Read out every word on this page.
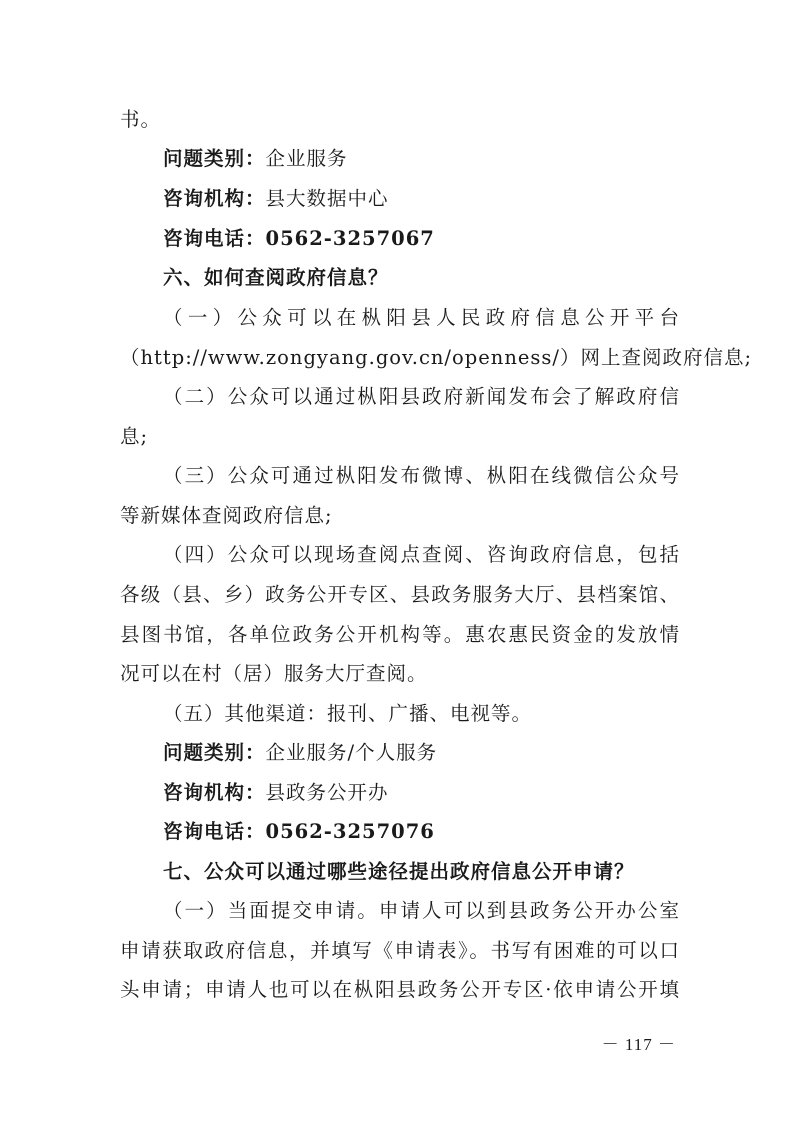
书。
问题类别：企业服务
咨询机构：县大数据中心
咨询电话：0562-3257067
六、如何查阅政府信息？
（一）公众可以在枞阳县人民政府信息公开平台
（http://www.zongyang.gov.cn/openness/）网上查阅政府信息;
（二）公众可以通过枞阳县政府新闻发布会了解政府信
息;
（三）公众可通过枞阳发布微博、枞阳在线微信公众号
等新媒体查阅政府信息;
（四）公众可以现场查阅点查阅、咨询政府信息，包括
各级（县、乡）政务公开专区、县政务服务大厅、县档案馆、
县图书馆，各单位政务公开机构等。惠农惠民资金的发放情
况可以在村（居）服务大厅查阅。
（五）其他渠道：报刊、广播、电视等。
问题类别：企业服务/个人服务
咨询机构：县政务公开办
咨询电话：0562-3257076
七、公众可以通过哪些途径提出政府信息公开申请？
（一）当面提交申请。申请人可以到县政务公开办公室
申请获取政府信息，并填写《申请表》。书写有困难的可以口
头申请；申请人也可以在枞阳县政务公开专区·依申请公开填
－ 117 －
